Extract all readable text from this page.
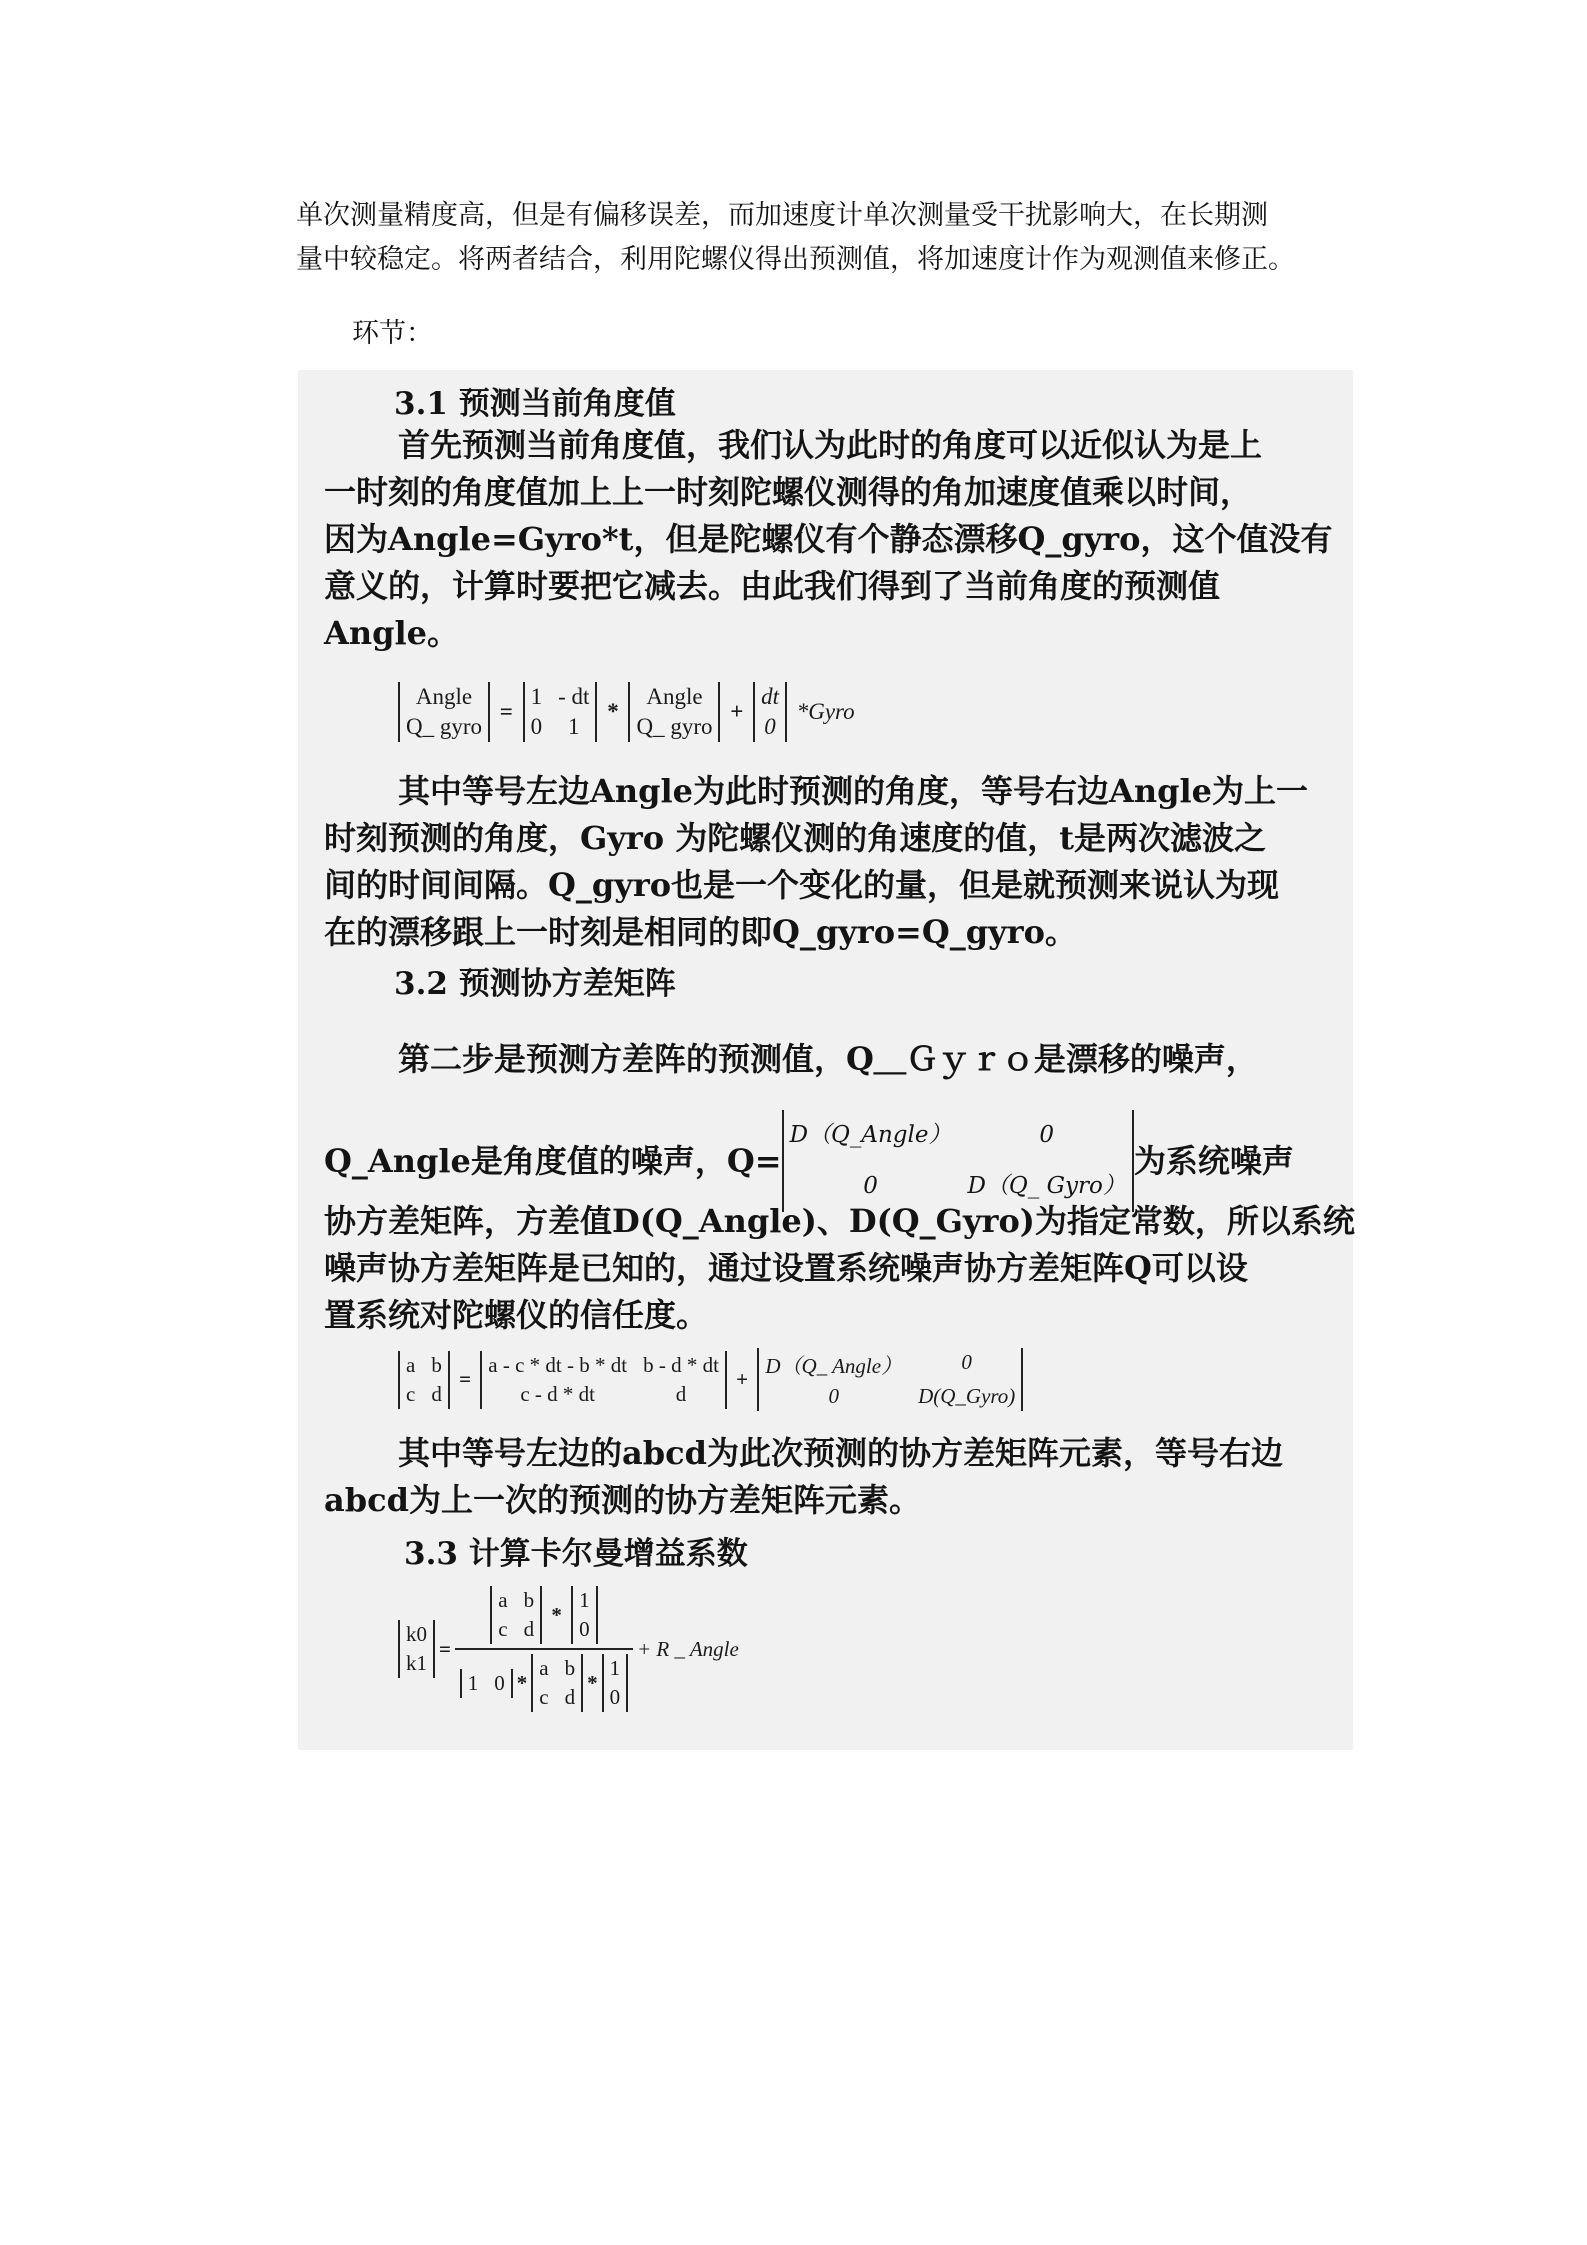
单次测量精度高，但是有偏移误差，而加速度计单次测量受干扰影响大，在长期测
量中较稳定。将两者结合，利用陀螺仪得出预测值，将加速度计作为观测值来修正。

环节：

3.1 预测当前角度值
首先预测当前角度值，我们认为此时的角度可以近似认为是上
一时刻的角度值加上上一时刻陀螺仪测得的角加速度值乘以时间，
因为Angle=Gyro*t，但是陀螺仪有个静态漂移Q_gyro，这个值没有
意义的，计算时要把它减去。由此我们得到了当前角度的预测值
Angle。
Angle
Q_ gyro
=
1 - dt
0	1
*
Angle
Q_ gyro
+
dt
0
*Gyro
其中等号左边Angle为此时预测的角度，等号右边Angle为上一
时刻预测的角度，Gyro 为陀螺仪测的角速度的值，t是两次滤波之
间的时间间隔。Q_gyro也是一个变化的量，但是就预测来说认为现
在的漂移跟上一时刻是相同的即Q_gyro=Q_gyro。
3.2 预测协方差矩阵
第二步是预测方差阵的预测值，Q＿Ｇｙｒｏ是漂移的噪声，
Q_Angle是角度值的噪声，Q=
D（Q_Angle）	0
0	D（Q_ Gyro）
为系统噪声
协方差矩阵，方差值D(Q_Angle)、D(Q_Gyro)为指定常数，所以系统
噪声协方差矩阵是已知的，通过设置系统噪声协方差矩阵Q可以设
置系统对陀螺仪的信任度。
a b
c d
=
a - c * dt - b * dt b - d * dt
c - d * dt	d
+
D（Q_ Angle）	0
0	D(Q_Gyro)
其中等号左边的abcd为此次预测的协方差矩阵元素，等号右边
abcd为上一次的预测的协方差矩阵元素。
3.3 计算卡尔曼增益系数
k0
k1
=
a b
c d
*
1
0
1 0 *
a b
c d
*
1
0
+ R _ Angle
